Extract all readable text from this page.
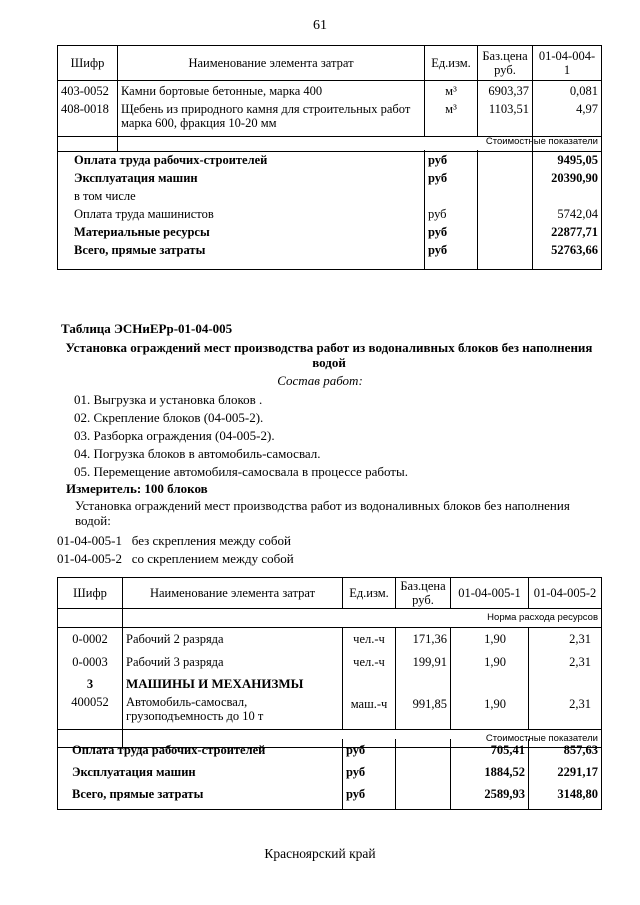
61
Шифр	Наименование элемента затрат	Ед.изм.	Баз.цена руб.	01-04-004-1
403-0052	Камни бортовые бетонные, марка 400	м³	6903,37	0,081
408-0018	Щебень из природного камня для строительных работ марка 600, фракция 10-20 мм	м³	1103,51	4,97

Стоимостные показатели
Оплата труда рабочих-строителей	руб		9495,05
Эксплуатация машин	руб		20390,90
в том числе			
Оплата труда машинистов	руб		5742,04
Материальные ресурсы	руб		22877,71
Всего, прямые затраты	руб		52763,66
Таблица ЭСНиЕРр-01-04-005
Установка ограждений мест производства работ из водоналивных блоков без наполнения водой
Состав работ:
01. Выгрузка и установка блоков .
02. Скрепление блоков (04-005-2).
03. Разборка ограждения (04-005-2).
04. Погрузка блоков в автомобиль-самосвал.
05. Перемещение автомобиля-самосвала в процессе работы.
Измеритель: 100 блоков
Установка ограждений мест производства работ из водоналивных блоков без наполнения водой:
01-04-005-1 без скрепления между собой
01-04-005-2 со скреплением между собой
Шифр	Наименование элемента затрат	Ед.изм.	Баз.цена руб.	01-04-005-1	01-04-005-2
	Норма расхода ресурсов				
0-0002	Рабочий 2 разряда	чел.-ч	171,36	1,90	2,31
0-0003	Рабочий 3 разряда	чел.-ч	199,91	1,90	2,31
3	МАШИНЫ И МЕХАНИЗМЫ				
400052	Автомобиль-самосвал, грузоподъемность до 10 т	маш.-ч	991,85	1,90	2,31
	Стоимостные показатели				
Оплата труда рабочих-строителей	руб		705,41	857,63
Эксплуатация машин	руб		1884,52	2291,17
Всего, прямые затраты	руб		2589,93	3148,80
Красноярский край
